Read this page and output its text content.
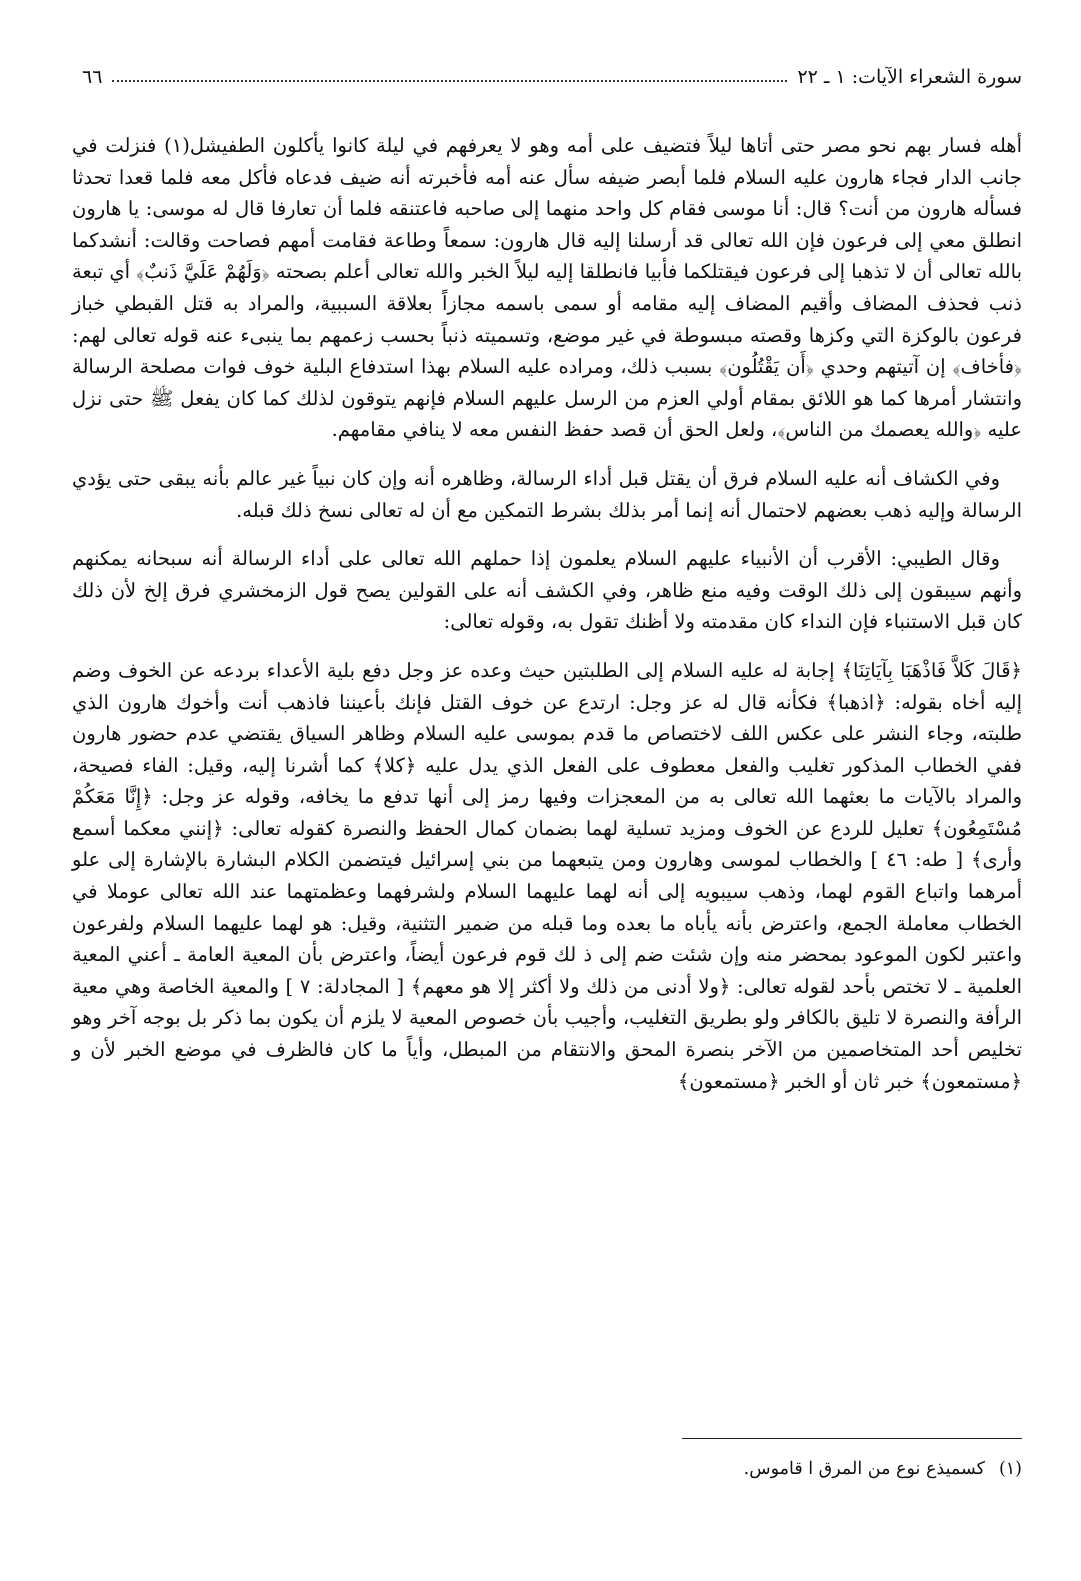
سورة الشعراء الآيات: ١ ـ ٢٢
٦٦

أهله فسار بهم نحو مصر حتى أتاها ليلاً فتضيف على أمه وهو لا يعرفهم في ليلة كانوا يأكلون الطفيشل(١) فنزلت في جانب الدار فجاء هارون عليه السلام فلما أبصر ضيفه سأل عنه أمه فأخبرته أنه ضيف فدعاه فأكل معه فلما قعدا تحدثا فسأله هارون من أنت؟ قال: أنا موسى فقام كل واحد منهما إلى صاحبه فاعتنقه فلما أن تعارفا قال له موسى: يا هارون انطلق معي إلى فرعون فإن الله تعالى قد أرسلنا إليه قال هارون: سمعاً وطاعة فقامت أمهم فصاحت وقالت: أنشدكما بالله تعالى أن لا تذهبا إلى فرعون فيقتلكما فأبيا فانطلقا إليه ليلاً الخبر والله تعالى أعلم بصحته ﴿وَلَهُمْ عَلَيَّ ذَنبٌ﴾ أي تبعة ذنب فحذف المضاف وأقيم المضاف إليه مقامه أو سمى باسمه مجازاً بعلاقة السببية، والمراد به قتل القبطي خباز فرعون بالوكزة التي وكزها وقصته مبسوطة في غير موضع، وتسميته ذنباً بحسب زعمهم بما ينبىء عنه قوله تعالى لهم: ﴿فأخاف﴾ إن آتيتهم وحدي ﴿أَن يَقْتُلُون﴾ بسبب ذلك، ومراده عليه السلام بهذا استدفاع البلية خوف فوات مصلحة الرسالة وانتشار أمرها كما هو اللائق بمقام أولي العزم من الرسل عليهم السلام فإنهم يتوقون لذلك كما كان يفعل ﷺ حتى نزل عليه ﴿والله يعصمك من الناس﴾، ولعل الحق أن قصد حفظ النفس معه لا ينافي مقامهم.

وفي الكشاف أنه عليه السلام فرق أن يقتل قبل أداء الرسالة، وظاهره أنه وإن كان نبياً غير عالم بأنه يبقى حتى يؤدي الرسالة وإليه ذهب بعضهم لاحتمال أنه إنما أمر بذلك بشرط التمكين مع أن له تعالى نسخ ذلك قبله.

وقال الطيبي: الأقرب أن الأنبياء عليهم السلام يعلمون إذا حملهم الله تعالى على أداء الرسالة أنه سبحانه يمكنهم وأنهم سيبقون إلى ذلك الوقت وفيه منع ظاهر، وفي الكشف أنه على القولين يصح قول الزمخشري فرق إلخ لأن ذلك كان قبل الاستنباء فإن النداء كان مقدمته ولا أظنك تقول به، وقوله تعالى:

﴿قَالَ كَلاَّ فَاذْهَبَا بِآيَاتِنَا﴾ إجابة له عليه السلام إلى الطلبتين حيث وعده عز وجل دفع بلية الأعداء بردعه عن الخوف وضم إليه أخاه بقوله: ﴿اذهبا﴾ فكأنه قال له عز وجل: ارتدع عن خوف القتل فإنك بأعيننا فاذهب أنت وأخوك هارون الذي طلبته، وجاء النشر على عكس اللف لاختصاص ما قدم بموسى عليه السلام وظاهر السياق يقتضي عدم حضور هارون ففي الخطاب المذكور تغليب والفعل معطوف على الفعل الذي يدل عليه ﴿كلا﴾ كما أشرنا إليه، وقيل: الفاء فصيحة، والمراد بالآيات ما بعثهما الله تعالى به من المعجزات وفيها رمز إلى أنها تدفع ما يخافه، وقوله عز وجل: ﴿إِنَّا مَعَكُمْ مُسْتَمِعُون﴾ تعليل للردع عن الخوف ومزيد تسلية لهما بضمان كمال الحفظ والنصرة كقوله تعالى: ﴿إنني معكما أسمع وأرى﴾ [ طه: ٤٦ ] والخطاب لموسى وهارون ومن يتبعهما من بني إسرائيل فيتضمن الكلام البشارة بالإشارة إلى علو أمرهما واتباع القوم لهما، وذهب سيبويه إلى أنه لهما عليهما السلام ولشرفهما وعظمتهما عند الله تعالى عوملا في الخطاب معاملة الجمع، واعترض بأنه يأباه ما بعده وما قبله من ضمير التثنية، وقيل: هو لهما عليهما السلام ولفرعون واعتبر لكون الموعود بمحضر منه وإن شئت ضم إلى ذ لك قوم فرعون أيضاً، واعترض بأن المعية العامة ـ أعني المعية العلمية ـ لا تختص بأحد لقوله تعالى: ﴿ولا أدنى من ذلك ولا أكثر إلا هو معهم﴾ [ المجادلة: ٧ ] والمعية الخاصة وهي معية الرأفة والنصرة لا تليق بالكافر ولو بطريق التغليب، وأجيب بأن خصوص المعية لا يلزم أن يكون بما ذكر بل بوجه آخر وهو تخليص أحد المتخاصمين من الآخر بنصرة المحق والانتقام من المبطل، وأياً ما كان فالظرف في موضع الخبر لأن و ﴿مستمعون﴾ خبر ثان أو الخبر ﴿مستمعون﴾

(١)
كسميذع نوع من المرق ا قاموس.
